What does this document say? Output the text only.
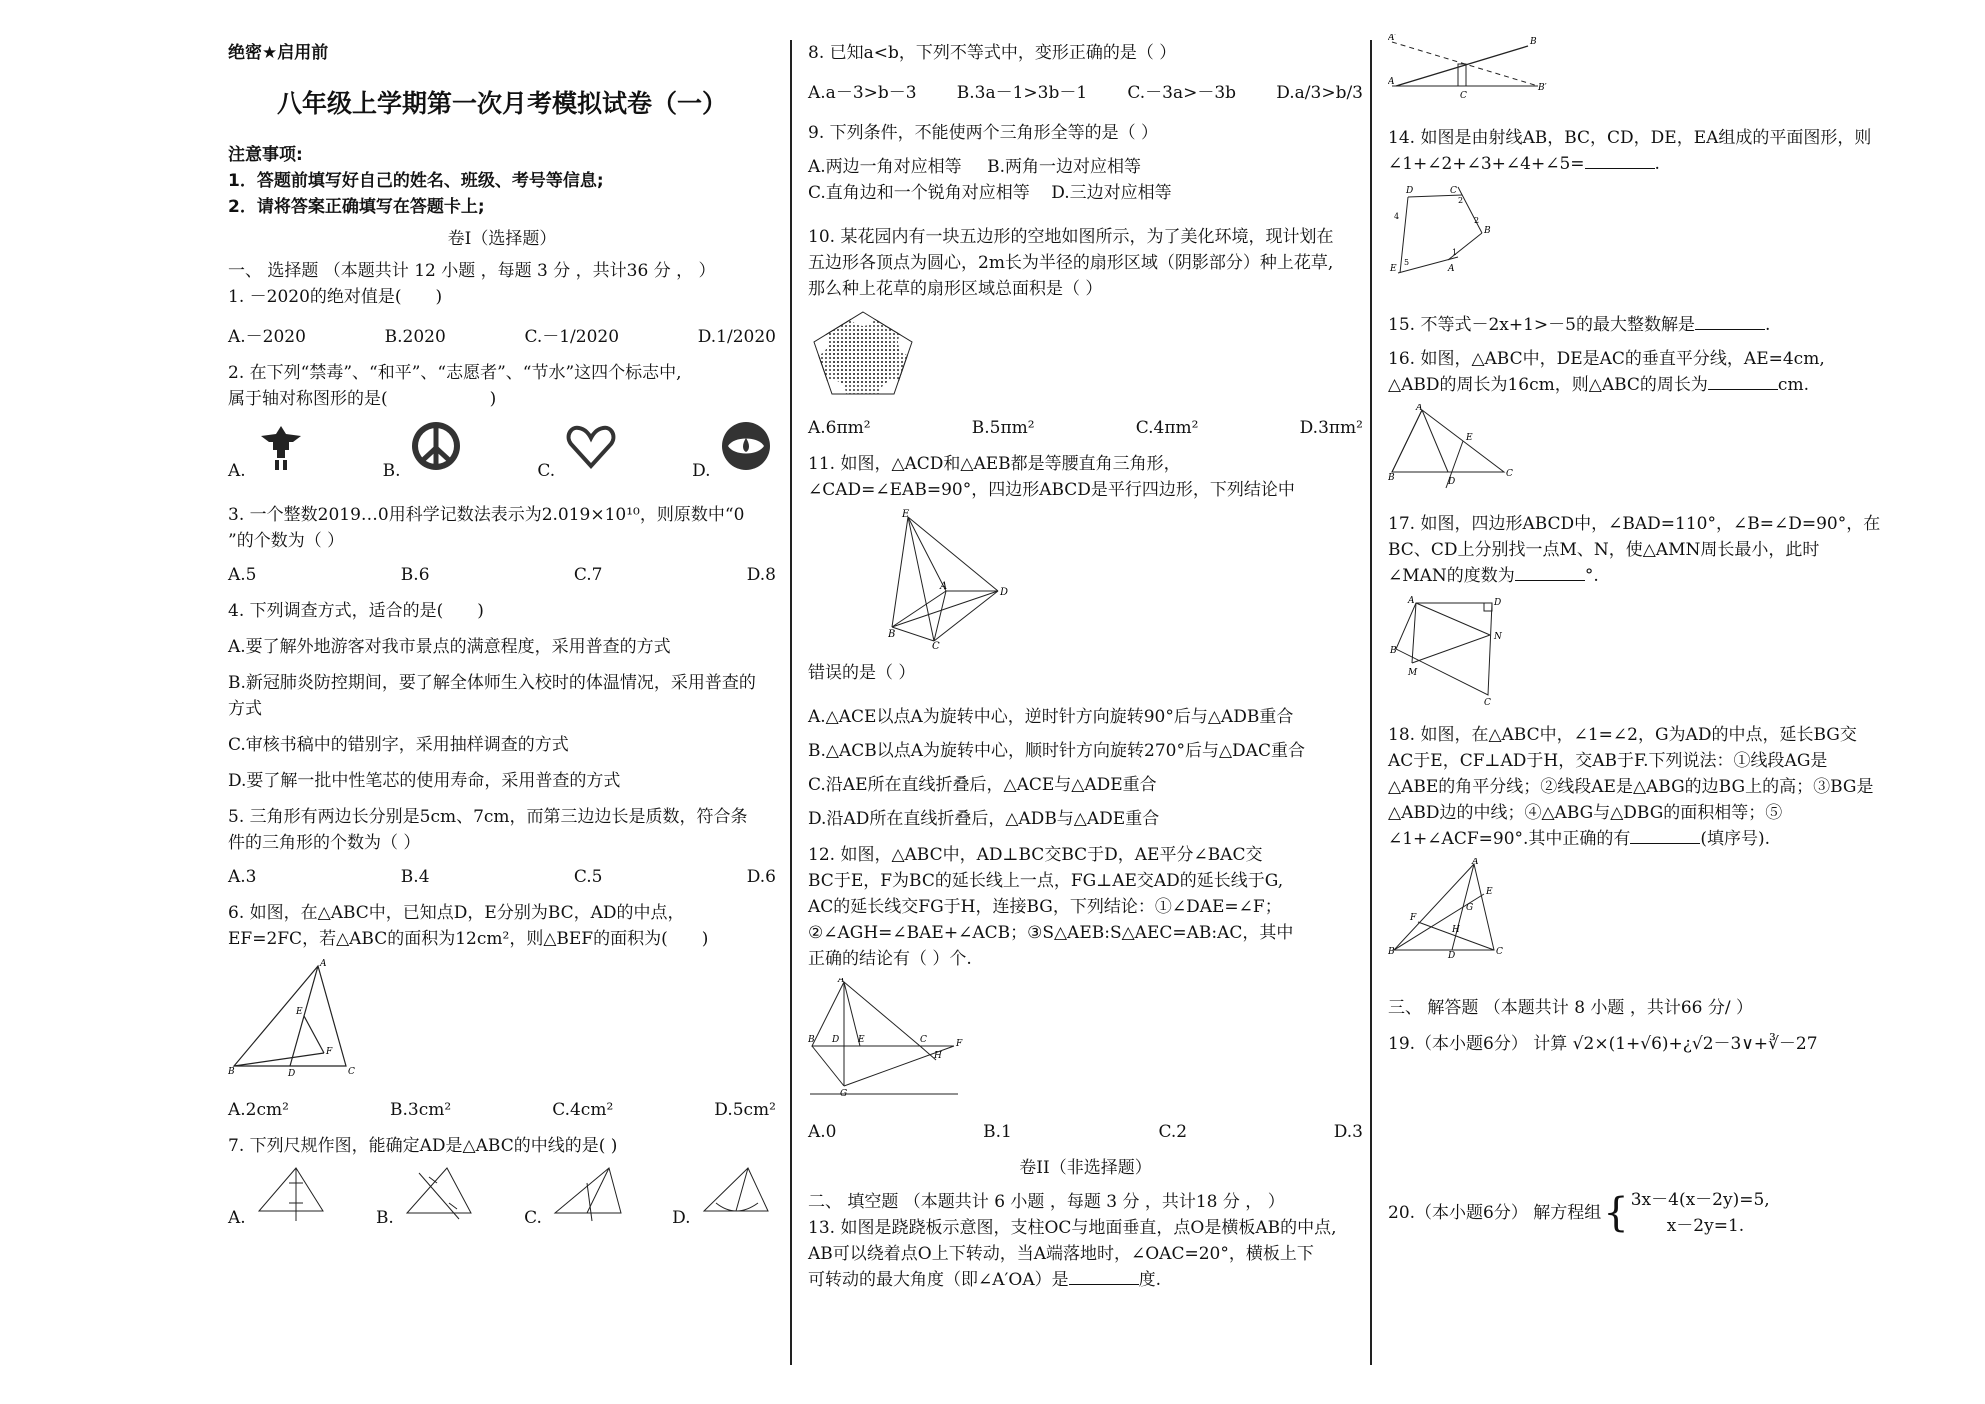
绝密★启用前
八年级上学期第一次月考模拟试卷（一）
注意事项:
1．答题前填写好自己的姓名、班级、考号等信息;
2．请将答案正确填写在答题卡上;
卷I（选择题）
一、 选择题 （本题共计 12 小题 ，每题 3 分 ，共计36 分 ， ）
1. －2020的绝对值是(　　)
A.－2020	B.2020	C.－1/2020	D.1/2020
2. 在下列“禁毒”、“和平”、“志愿者”、“节水”这四个标志中,
属于轴对称图形的是(　　　　　　)
A.	B.	C.	D.
3. 一个整数2019…0用科学记数法表示为2.019×10¹⁰，则原数中“0
”的个数为（ ）
A.5	B.6	C.7	D.8
4. 下列调查方式，适合的是(　　)
A.要了解外地游客对我市景点的满意程度，采用普查的方式
B.新冠肺炎防控期间，要了解全体师生入校时的体温情况，采用普查的
方式
C.审核书稿中的错别字，采用抽样调查的方式
D.要了解一批中性笔芯的使用寿命，采用普查的方式
5. 三角形有两边长分别是5cm、7cm，而第三边边长是质数，符合条
件的三角形的个数为（ ）
A.3	B.4	C.5	D.6
6. 如图，在△ABC中，已知点D，E分别为BC，AD的中点，
EF=2FC，若△ABC的面积为12cm²，则△BEF的面积为(　　)
A
B	D	C
E
F
A.2cm²	B.3cm²	C.4cm²	D.5cm²
7. 下列尺规作图，能确定AD是△ABC的中线的是( )
A.	B.	C.	D.
8. 已知a<b，下列不等式中，变形正确的是（ ）
A.a－3>b－3 B.3a－1>3b－1 C.－3a>－3b D.a/3>b/3
9. 下列条件，不能使两个三角形全等的是（ ）
A.两边一角对应相等 B.两角一边对应相等
C.直角边和一个锐角对应相等 D.三边对应相等
10. 某花园内有一块五边形的空地如图所示，为了美化环境，现计划在
五边形各顶点为圆心，2m长为半径的扇形区域（阴影部分）种上花草,
那么种上花草的扇形区域总面积是（ ）
A.6πm²	B.5πm²	C.4πm²	D.3πm²
11. 如图，△ACD和△AEB都是等腰直角三角形，
∠CAD=∠EAB=90°，四边形ABCD是平行四边形，下列结论中
E
A
D
B
C
错误的是（ ）
A.△ACE以点A为旋转中心，逆时针方向旋转90°后与△ADB重合
B.△ACB以点A为旋转中心，顺时针方向旋转270°后与△DAC重合
C.沿AE所在直线折叠后，△ACE与△ADE重合
D.沿AD所在直线折叠后，△ADB与△ADE重合
12. 如图，△ABC中，AD⊥BC交BC于D，AE平分∠BAC交
BC于E，F为BC的延长线上一点，FG⊥AE交AD的延长线于G,
AC的延长线交FG于H，连接BG，下列结论：①∠DAE=∠F；
②∠AGH=∠BAE+∠ACB；③S△AEB:S△AEC=AB:AC，其中
正确的结论有（ ）个.
A
B D E	C	F
H
G
A.0	B.1	C.2	D.3
卷II（非选择题）
二、 填空题 （本题共计 6 小题 ，每题 3 分 ，共计18 分 ， ）
13. 如图是跷跷板示意图，支柱OC与地面垂直，点O是横板AB的中点,
AB可以绕着点O上下转动，当A端落地时，∠OAC=20°，横板上下
可转动的最大角度（即∠A′OA）是	度.
A′
A
B
B′
C
14. 如图是由射线AB，BC，CD，DE，EA组成的平面图形，则
∠1+∠2+∠3+∠4+∠5=	.
D	C
B
A
E
2
2
1
4
5
15. 不等式－2x+1>－5的最大整数解是	.
16. 如图，△ABC中，DE是AC的垂直平分线，AE=4cm,
△ABD的周长为16cm，则△ABC的周长为	cm.
A
B	C
D
E
17. 如图，四边形ABCD中，∠BAD=110°，∠B=∠D=90°，在
BC、CD上分别找一点M、N，使△AMN周长最小，此时
∠MAN的度数为	°.
A	D
N
B
M
C
18. 如图，在△ABC中，∠1=∠2，G为AD的中点，延长BG交
AC于E，CF⊥AD于H，交AB于F.下列说法：①线段AG是
△ABE的角平分线；②线段AE是△ABG的边BG上的高；③BG是
△ABD边的中线；④△ABG与△DBG的面积相等；⑤
∠1+∠ACF=90°.其中正确的有	(填序号).
A
B	D	C
E
F
G
H
三、 解答题 （本题共计 8 小题 ，共计66 分/ ）
19.（本小题6分） 计算 √2×(1+√6)+¿√2－3∨+∛－27
20.（本小题6分） 解方程组 { 3x－4(x－2y)=5,
x－2y=1.
